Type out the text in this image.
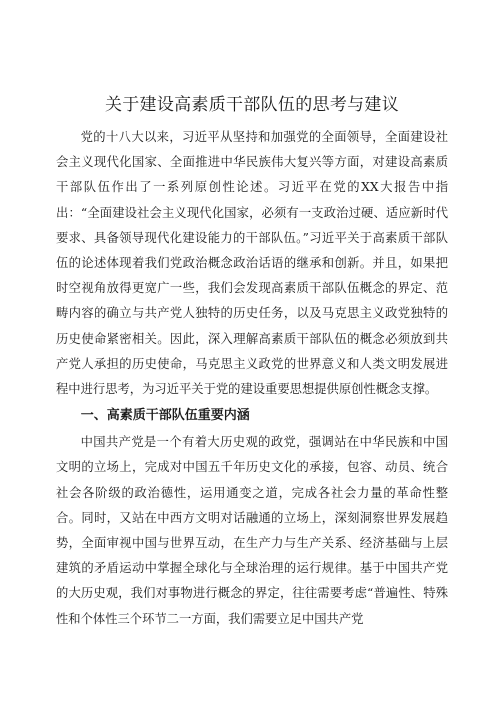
关于建设高素质干部队伍的思考与建议

党的十八大以来，习近平从坚持和加强党的全面领导，全面建设社会主义现代化国家、全面推进中华民族伟大复兴等方面，对建设高素质干部队伍作出了一系列原创性论述。习近平在党的XX大报告中指出：“全面建设社会主义现代化国家，必须有一支政治过硬、适应新时代要求、具备领导现代化建设能力的干部队伍。”习近平关于高素质干部队伍的论述体现着我们党政治概念政治话语的继承和创新。并且，如果把时空视角放得更宽广一些，我们会发现高素质干部队伍概念的界定、范畴内容的确立与共产党人独特的历史任务，以及马克思主义政党独特的历史使命紧密相关。因此，深入理解高素质干部队伍的概念必须放到共产党人承担的历史使命，马克思主义政党的世界意义和人类文明发展进程中进行思考，为习近平关于党的建设重要思想提供原创性概念支撑。

一、高素质干部队伍重要内涵

中国共产党是一个有着大历史观的政党，强调站在中华民族和中国文明的立场上，完成对中国五千年历史文化的承接，包容、动员、统合社会各阶级的政治德性，运用通变之道，完成各社会力量的革命性整合。同时，又站在中西方文明对话融通的立场上，深刻洞察世界发展趋势，全面审视中国与世界互动，在生产力与生产关系、经济基础与上层建筑的矛盾运动中掌握全球化与全球治理的运行规律。基于中国共产党的大历史观，我们对事物进行概念的界定，往往需要考虑“普遍性、特殊性和个体性三个环节二一方面，我们需要立足中国共产党
